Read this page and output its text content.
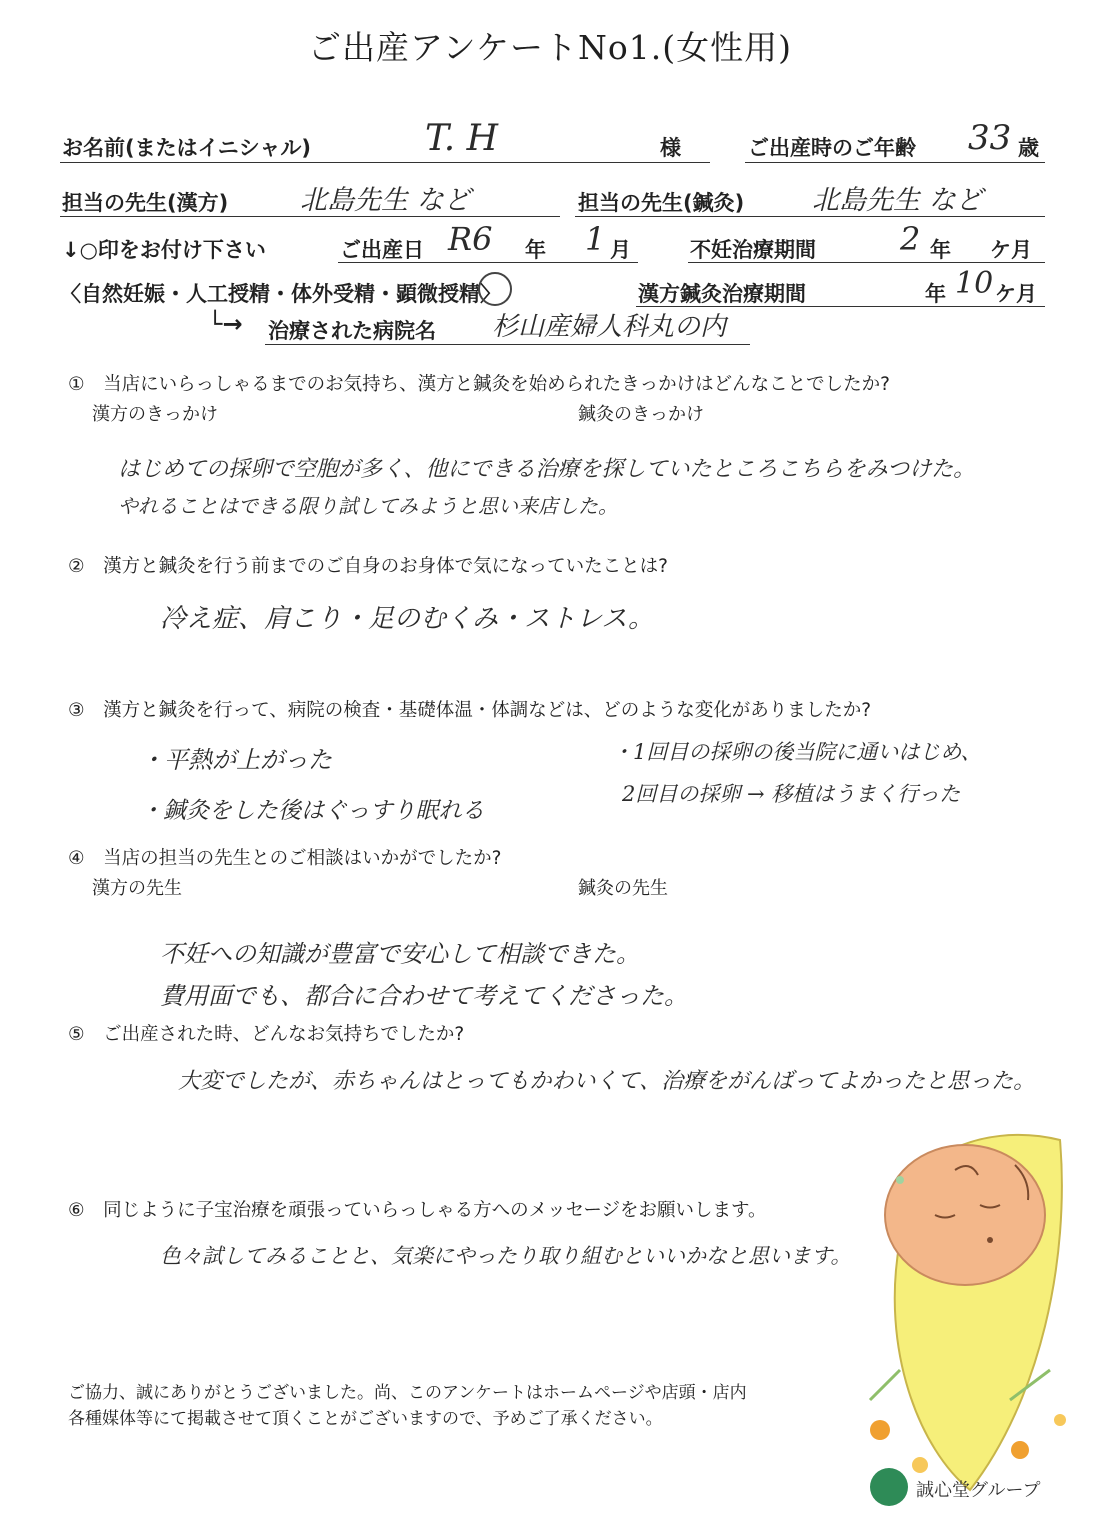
ご出産アンケートNo1.(女性用)
お名前(またはイニシャル)	T. H	様	ご出産時のご年齢 33 歳
担当の先生(漢方)	北島先生 など	担当の先生(鍼灸)	北島先生 など
↓○印をお付け下さい	ご出産日 R6 年 1 月	不妊治療期間	2 年 ケ月
〈自然妊娠・人工授精・体外受精・顕微授精〉	漢方鍼灸治療期間	年 10 ケ月
└→ 治療された病院名 杉山産婦人科丸の内
①　当店にいらっしゃるまでのお気持ち、漢方と鍼灸を始められたきっかけはどんなことでしたか?
漢方のきっかけ	鍼灸のきっかけ
はじめての採卵で空胞が多く、他にできる治療を探していたところこちらをみつけた。
やれることはできる限り試してみようと思い来店した。
②　漢方と鍼灸を行う前までのご自身のお身体で気になっていたことは?
冷え症、肩こり・足のむくみ・ストレス。
③　漢方と鍼灸を行って、病院の検査・基礎体温・体調などは、どのような変化がありましたか?
・平熱が上がった
・鍼灸をした後はぐっすり眠れる
・1回目の採卵の後当院に通いはじめ、
2回目の採卵 → 移植はうまく行った
④　当店の担当の先生とのご相談はいかがでしたか?
漢方の先生	鍼灸の先生
不妊への知識が豊富で安心して相談できた。
費用面でも、都合に合わせて考えてくださった。
⑤　ご出産された時、どんなお気持ちでしたか?
大変でしたが、赤ちゃんはとってもかわいくて、治療をがんばってよかったと思った。
⑥　同じように子宝治療を頑張っていらっしゃる方へのメッセージをお願いします。
色々試してみることと、気楽にやったり取り組むといいかなと思います。
ご協力、誠にありがとうございました。尚、このアンケートはホームページや店頭・店内
各種媒体等にて掲載させて頂くことがございますので、予めご了承ください。
誠心堂グループ
